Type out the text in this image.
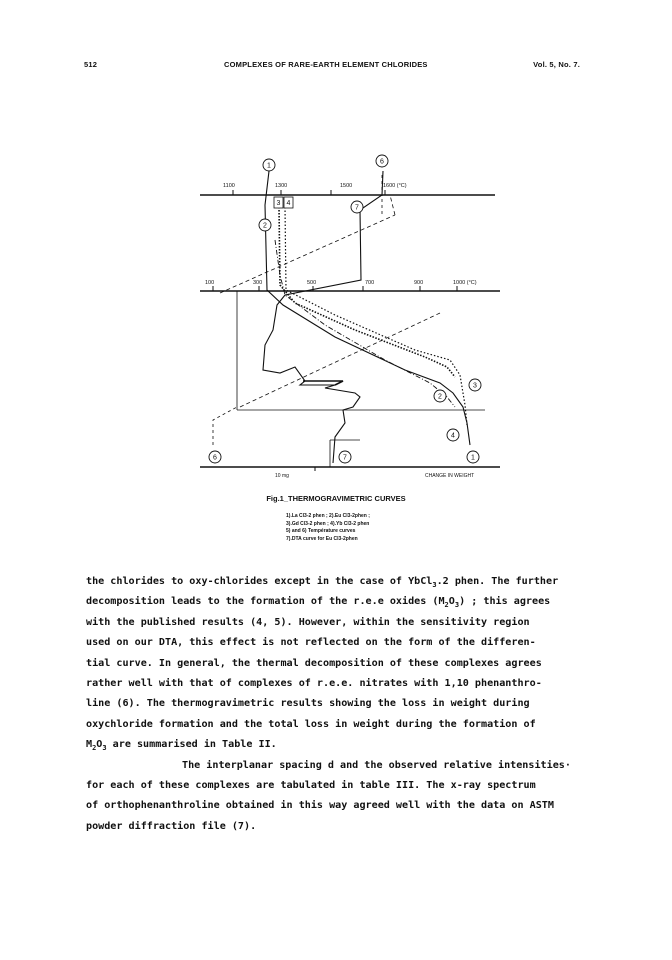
512	COMPLEXES OF RARE-EARTH ELEMENT CHLORIDES	Vol. 5, No. 7.
1100	1300	1500	1600 (°C)
100	300	500	700	900	1000 (°C)
10 mg	CHANGE IN WEIGHT
1
6
3 4
7
2
3
2
4
1
6	7
Fig.1_THERMOGRAVIMETRIC CURVES
1).La Cl3-2 phen ; 2).Eu Cl3-2phen ;
3).Gd Cl3-2 phen ; 4).Yb Cl3-2 phen
5) and 6) Température curves
7).DTA curve for Eu Cl3-2phen
the chlorides to oxy-chlorides except in the case of YbCl$_3$.2 phen. The further
decomposition leads to the formation of the r.e.e oxides $(M_2O_3)$ ; this agrees
with the published results (4, 5). However, within the sensitivity region
used on our DTA, this effect is not reflected on the form of the differen-
tial curve. In general, the thermal decomposition of these complexes agrees
rather well with that of complexes of r.e.e. nitrates with 1,10 phenanthro-
line (6). The thermogravimetric results showing the loss in weight during
oxychloride formation and the total loss in weight during the formation of
$M_2O_3$ are summarised in Table II.
The interplanar spacing d and the observed relative intensities·
for each of these complexes are tabulated in table III. The x-ray spectrum
of orthophenanthroline obtained in this way agreed well with the data on ASTM
powder diffraction file (7).
